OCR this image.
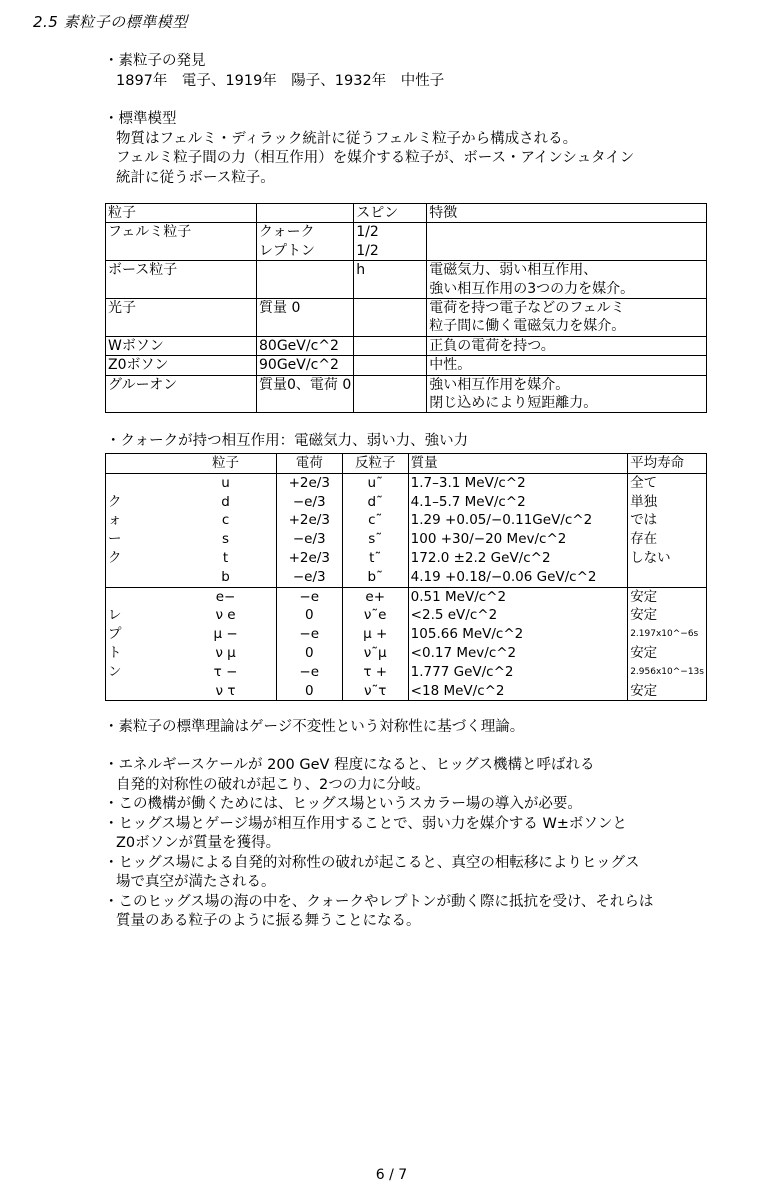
2.5 素粒子の標準模型
・素粒子の発見
1897年　電子、1919年　陽子、1932年　中性子
・標準模型
物質はフェルミ・ディラック統計に従うフェルミ粒子から構成される。
フェルミ粒子間の力（相互作用）を媒介する粒子が、ボース・アインシュタイン
統計に従うボース粒子。
粒子		スピン	特徴
フェルミ粒子	クォーク	1/2	
	レプトン	1/2	
ボース粒子		h	電磁気力、弱い相互作用、
強い相互作用の3つの力を媒介。

光子	質量 0		電荷を持つ電子などのフェルミ
粒子間に働く電磁気力を媒介。

Wボソン	80GeV/c^2		正負の電荷を持つ。
Z0ボソン	90GeV/c^2		中性。
グルーオン	質量0、電荷 0		強い相互作用を媒介。
閉じ込めにより短距離力。
・クォークが持つ相互作用：電磁気力、弱い力、強い力
	粒子	電荷	反粒子	質量	平均寿命
	u	+2e/3	u˜	1.7–3.1 MeV/c^2	全て
ク	d	−e/3	d˜	4.1–5.7 MeV/c^2	単独
ォ	c	+2e/3	c˜	1.29 +0.05/−0.11GeV/c^2	では
ー	s	−e/3	s˜	100 +30/−20 Mev/c^2	存在
ク	t	+2e/3	t˜	172.0 ±2.2 GeV/c^2	しない
	b	−e/3	b˜	4.19 +0.18/−0.06 GeV/c^2	
	e−	−e	e+	0.51 MeV/c^2	安定
レ	ν e	0	ν˜e	<2.5 eV/c^2	安定
プ	μ −	−e	μ +	105.66 MeV/c^2	2.197x10^−6s
ト	ν μ	0	ν˜μ	<0.17 Mev/c^2	安定
ン	τ −	−e	τ +	1.777 GeV/c^2	2.956x10^−13s
	ν τ	0	ν˜τ	<18 MeV/c^2	安定
・素粒子の標準理論はゲージ不変性という対称性に基づく理論。
・エネルギースケールが 200 GeV 程度になると、ヒッグス機構と呼ばれる
自発的対称性の破れが起こり、2つの力に分岐。
・この機構が働くためには、ヒッグス場というスカラー場の導入が必要。
・ヒッグス場とゲージ場が相互作用することで、弱い力を媒介する W±ボソンと
Z0ボソンが質量を獲得。
・ヒッグス場による自発的対称性の破れが起こると、真空の相転移によりヒッグス
場で真空が満たされる。
・このヒッグス場の海の中を、クォークやレプトンが動く際に抵抗を受け、それらは
質量のある粒子のように振る舞うことになる。
6 / 7
